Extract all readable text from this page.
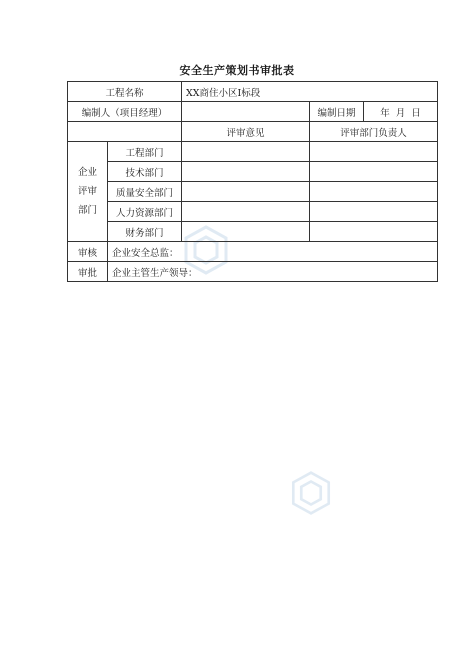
安全生产策划书审批表
工程名称		XX商住小区Ⅰ标段		
编制人（项目经理）			编制日期	年  月  日
		评审意见	评审部门负责人	

企业
评审
部门	工程部门			
	技术部门			
	质量安全部门			
	人力资源部门			
	财务部门			
审核	企业安全总监：			
审批	企业主管生产领导：			
